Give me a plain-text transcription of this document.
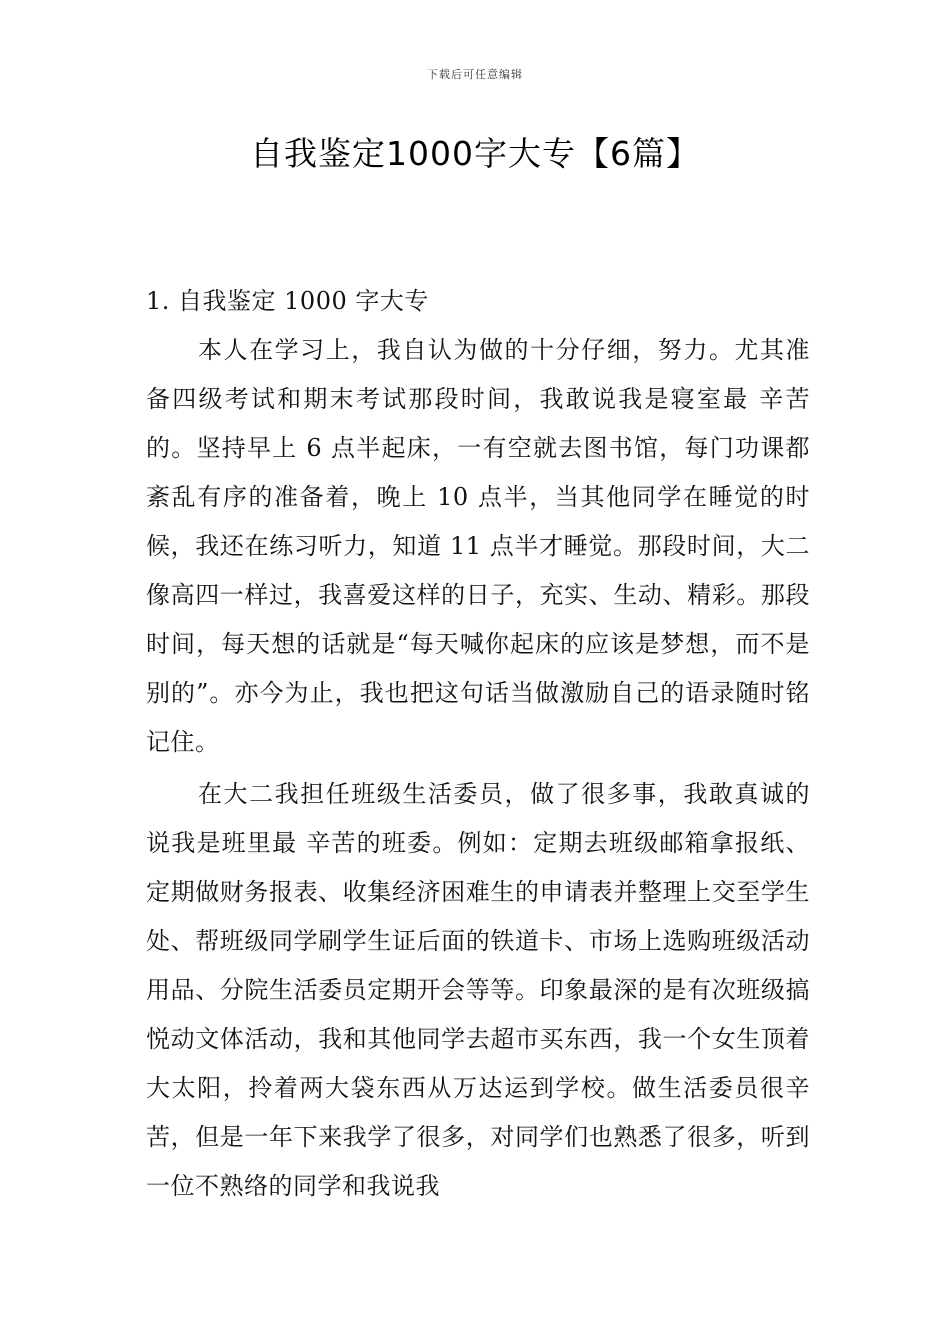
下载后可任意编辑
自我鉴定1000字大专【6篇】

1. 自我鉴定 1000 字大专

本人在学习上，我自认为做的十分仔细，努力。尤其准备四级考试和期末考试那段时间，我敢说我是寝室最 辛苦的。坚持早上 6 点半起床，一有空就去图书馆，每门功课都紊乱有序的准备着，晚上 10 点半，当其他同学在睡觉的时候，我还在练习听力，知道 11 点半才睡觉。那段时间，大二像高四一样过，我喜爱这样的日子，充实、生动、精彩。那段时间，每天想的话就是“每天喊你起床的应该是梦想，而不是别的”。亦今为止，我也把这句话当做激励自己的语录随时铭记住。

在大二我担任班级生活委员，做了很多事，我敢真诚的说我是班里最 辛苦的班委。例如：定期去班级邮箱拿报纸、定期做财务报表、收集经济困难生的申请表并整理上交至学生处、帮班级同学刷学生证后面的铁道卡、市场上选购班级活动用品、分院生活委员定期开会等等。印象最深的是有次班级搞悦动文体活动，我和其他同学去超市买东西，我一个女生顶着大太阳，拎着两大袋东西从万达运到学校。做生活委员很辛苦，但是一年下来我学了很多，对同学们也熟悉了很多，听到一位不熟络的同学和我说我
